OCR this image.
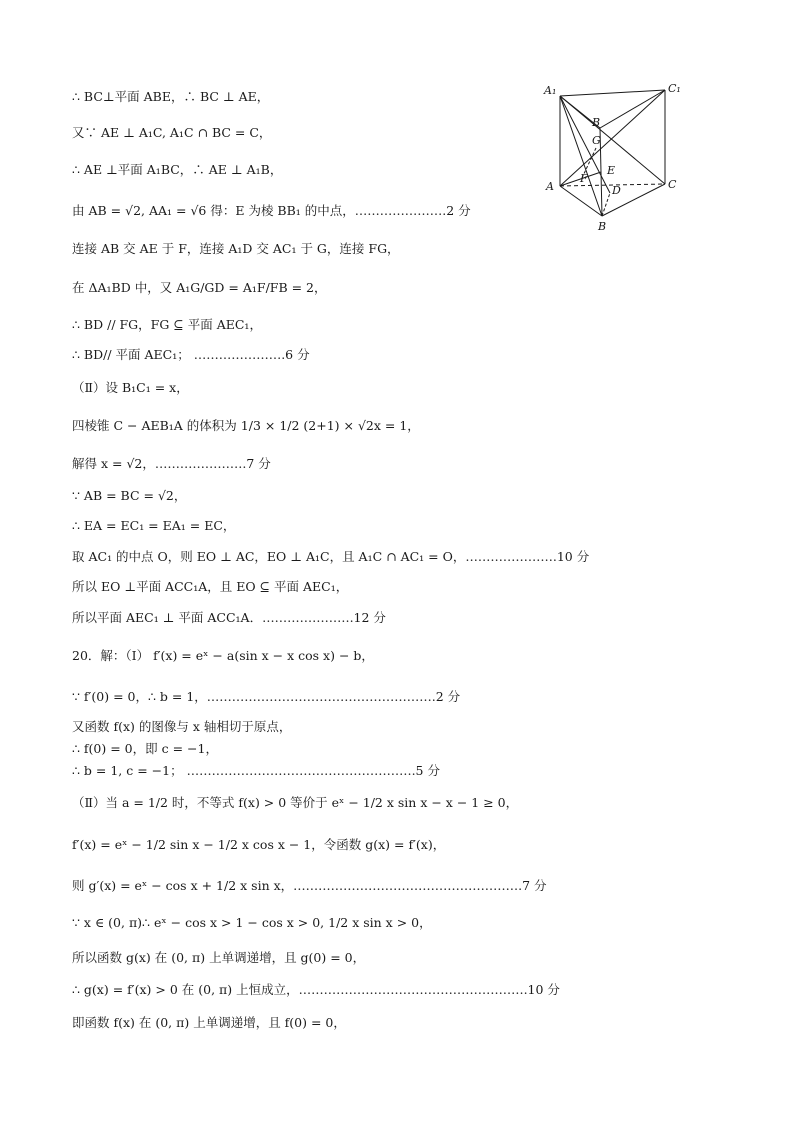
∴ BC⊥平面 ABE，∴ BC ⊥ AE，
又∵ AE ⊥ A₁C, A₁C ∩ BC = C，
∴ AE ⊥平面 A₁BC，∴ AE ⊥ A₁B，
由 AB = √2, AA₁ = √6 得：E 为棱 BB₁ 的中点，………………….2 分
连接 AB 交 AE 于 F，连接 A₁D 交 AC₁ 于 G，连接 FG，
在 ΔA₁BD 中，又 A₁G/GD = A₁F/FB = 2，
∴ BD // FG，FG ⊆ 平面 AEC₁，
∴ BD// 平面 AEC₁； ………………….6 分
（Ⅱ）设 B₁C₁ = x，
四棱锥 C − AEB₁A 的体积为 1/3 × 1/2 (2+1) × √2x = 1，
解得 x = √2，………………….7 分
∵ AB = BC = √2，
∴ EA = EC₁ = EA₁ = EC，
取 AC₁ 的中点 O，则 EO ⊥ AC，EO ⊥ A₁C，且 A₁C ∩ AC₁ = O，………………….10 分
所以 EO ⊥平面 ACC₁A，且 EO ⊆ 平面 AEC₁，
所以平面 AEC₁ ⊥ 平面 ACC₁A．………………….12 分
20．解：（Ⅰ） f′(x) = eˣ − a(sin x − x cos x) − b，
∵ f′(0) = 0，∴ b = 1，……………………………………………….2 分
又函数 f(x) 的图像与 x 轴相切于原点，
∴ f(0) = 0，即 c = −1，
∴ b = 1, c = −1； ……………………………………………….5 分
（Ⅱ）当 a = 1/2 时，不等式 f(x) > 0 等价于 eˣ − 1/2 x sin x − x − 1 ≥ 0，
f′(x) = eˣ − 1/2 sin x − 1/2 x cos x − 1，令函数 g(x) = f′(x)，
则 g′(x) = eˣ − cos x + 1/2 x sin x，……………………………………………….7 分
∵ x ∈ (0, π)∴ eˣ − cos x > 1 − cos x > 0, 1/2 x sin x > 0，
所以函数 g(x) 在 (0, π) 上单调递增，且 g(0) = 0，
∴ g(x) = f′(x) > 0 在 (0, π) 上恒成立，……………………………………………….10 分
即函数 f(x) 在 (0, π) 上单调递增，且 f(0) = 0，
A₁	C₁
B
G
E
F
D
A	C
B
